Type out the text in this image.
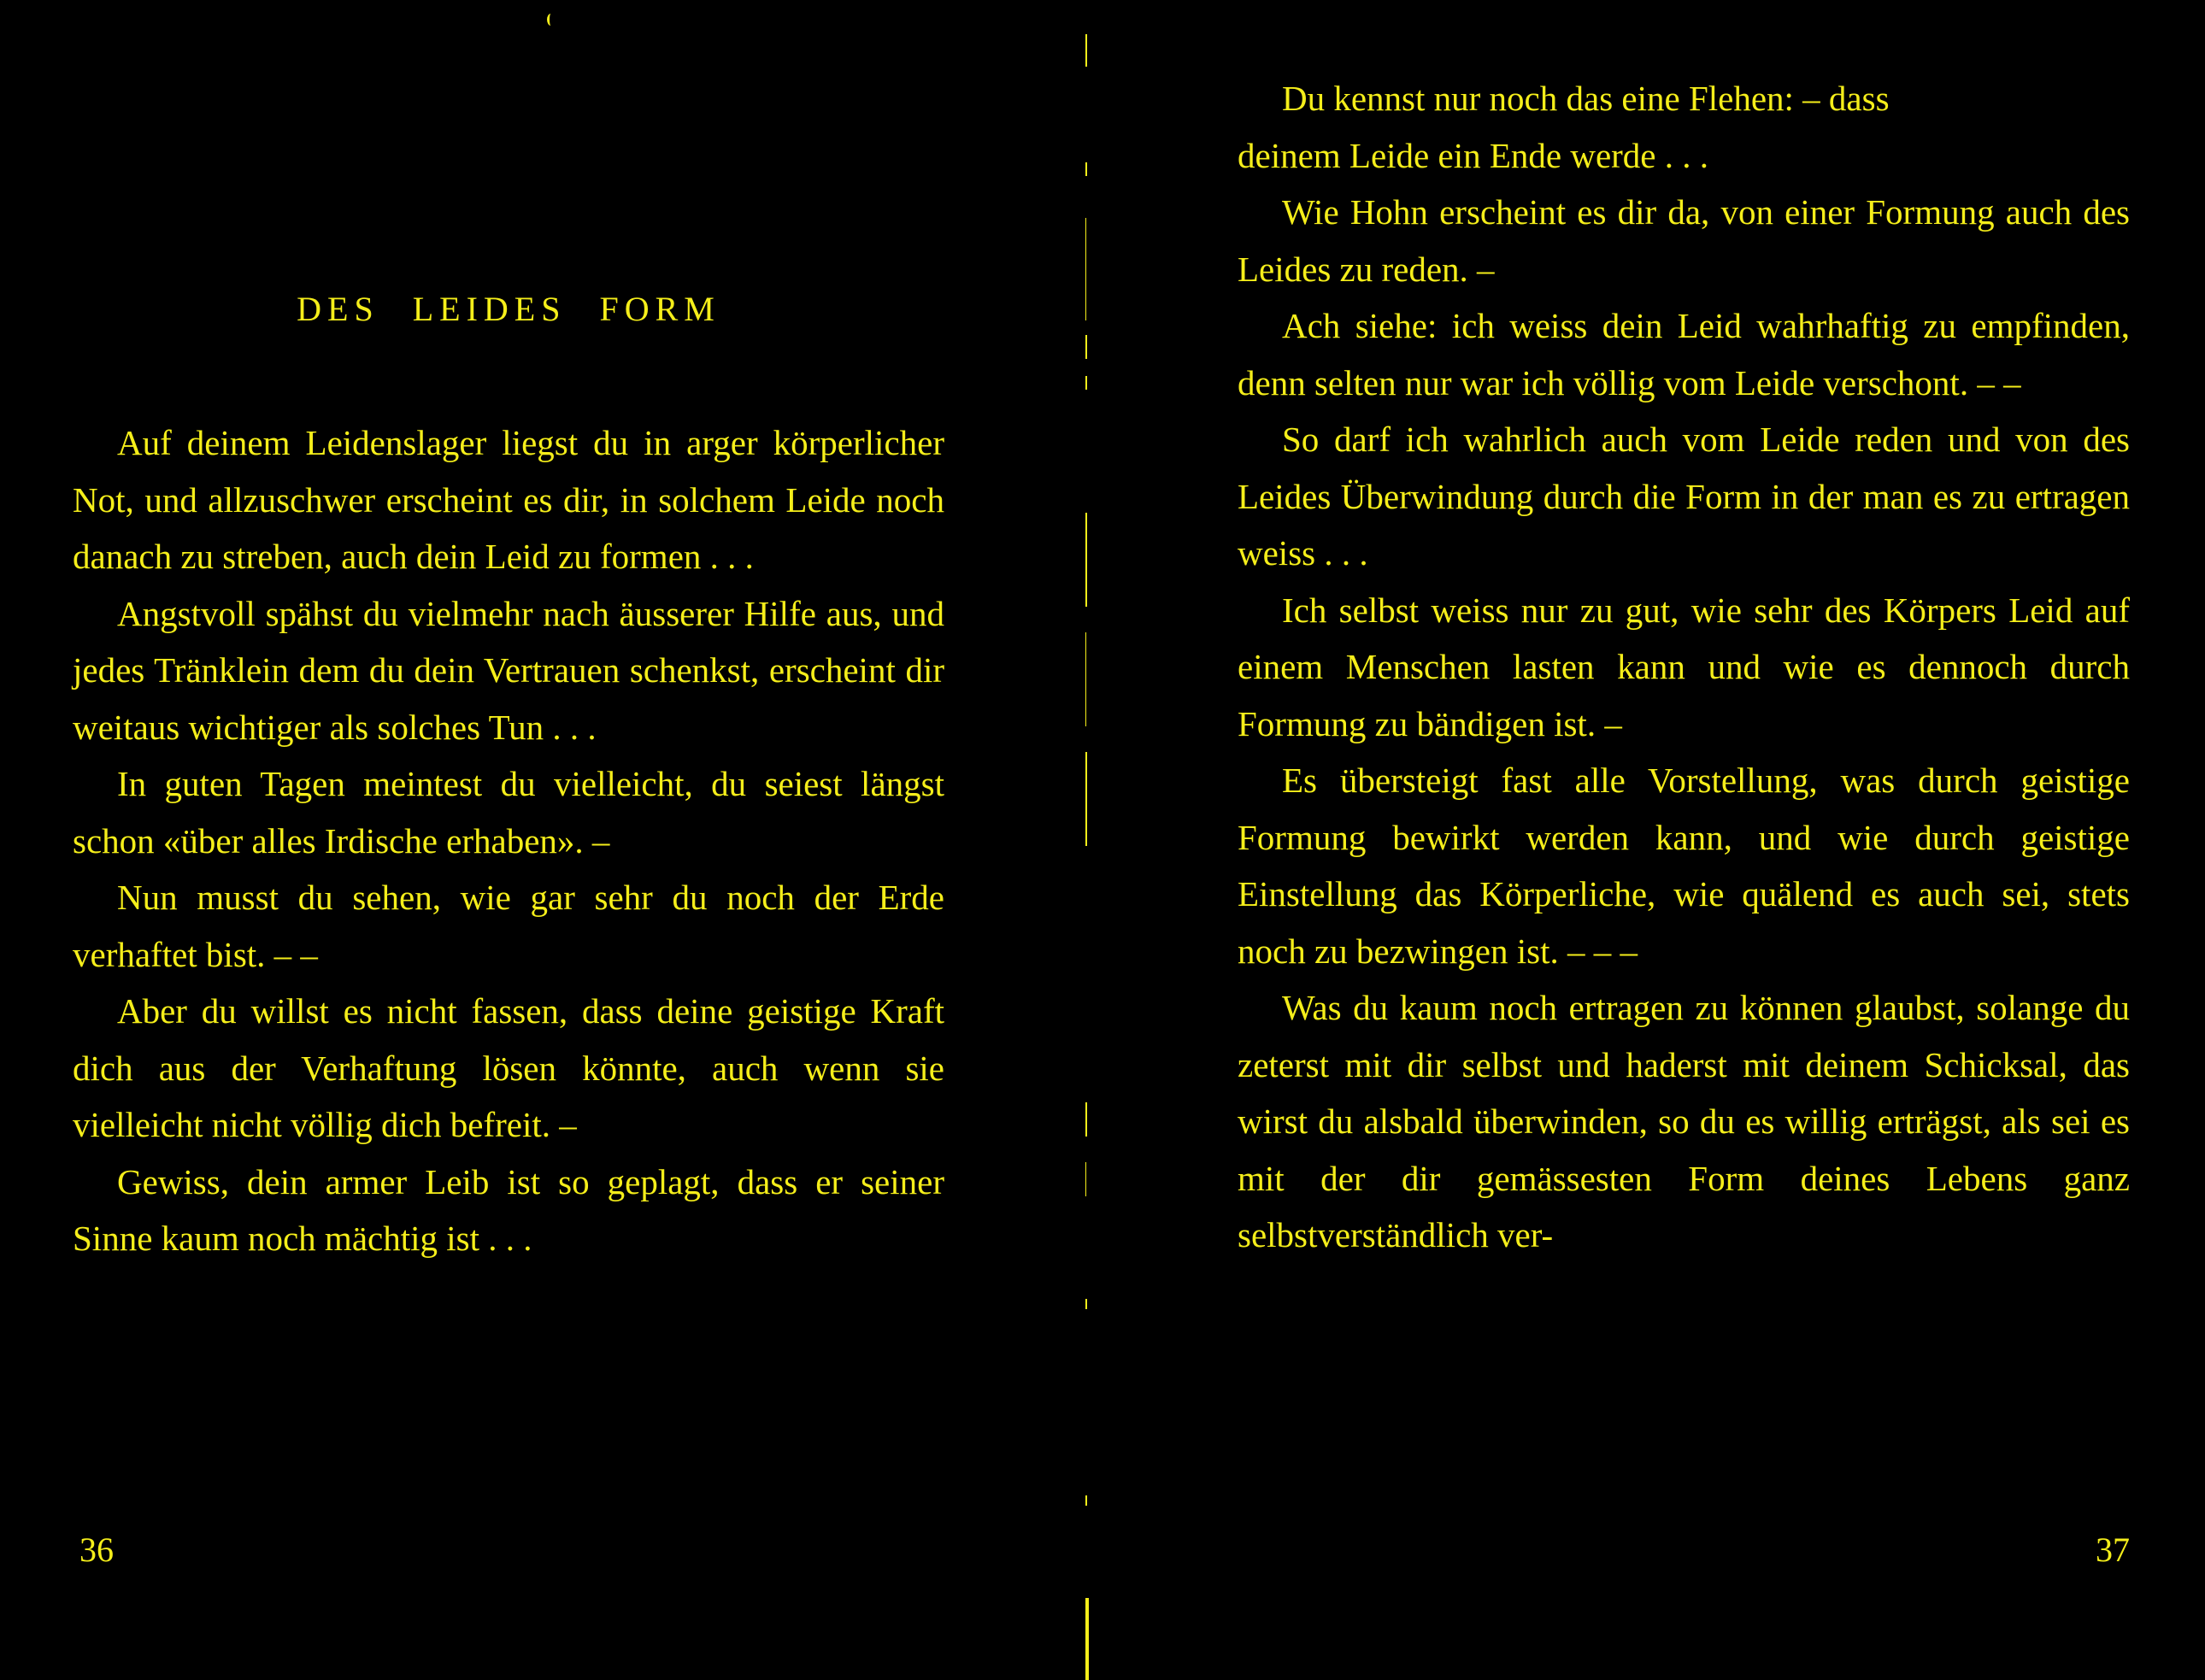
DES LEIDES FORM

Auf deinem Leidenslager liegst du in arger körperlicher Not, und allzuschwer erscheint es dir, in solchem Leide noch danach zu streben, auch dein Leid zu formen . . .

Angstvoll spähst du vielmehr nach äusserer Hilfe aus, und jedes Tränklein dem du dein Vertrauen schenkst, erscheint dir weitaus wichtiger als solches Tun . . .

In guten Tagen meintest du vielleicht, du seiest längst schon «über alles Irdische erhaben». –

Nun musst du sehen, wie gar sehr du noch der Erde verhaftet bist. – –

Aber du willst es nicht fassen, dass deine geistige Kraft dich aus der Verhaftung lösen könnte, auch wenn sie vielleicht nicht völlig dich befreit. –

Gewiss, dein armer Leib ist so geplagt, dass er seiner Sinne kaum noch mächtig ist . . .

36

Du kennst nur noch das eine Flehen: – dass
deinem Leide ein Ende werde . . .

Wie Hohn erscheint es dir da, von einer Formung auch des Leides zu reden. –

Ach siehe: ich weiss dein Leid wahrhaftig zu empfinden, denn selten nur war ich völlig vom Leide verschont. – –

So darf ich wahrlich auch vom Leide reden und von des Leides Überwindung durch die Form in der man es zu ertragen weiss . . .

Ich selbst weiss nur zu gut, wie sehr des Körpers Leid auf einem Menschen lasten kann und wie es dennoch durch Formung zu bändigen ist. –

Es übersteigt fast alle Vorstellung, was durch geistige Formung bewirkt werden kann, und wie durch geistige Einstellung das Körperliche, wie quälend es auch sei, stets noch zu bezwingen ist. – – –

Was du kaum noch ertragen zu können glaubst, solange du zeterst mit dir selbst und haderst mit deinem Schicksal, das wirst du alsbald überwinden, so du es willig erträgst, als sei es mit der dir gemässesten Form deines Lebens ganz selbstverständlich ver-

37
